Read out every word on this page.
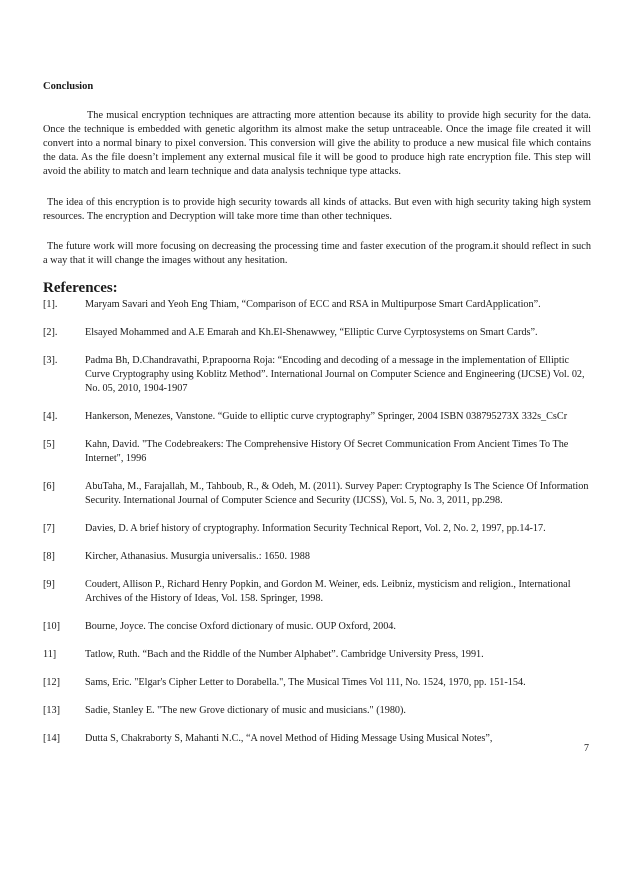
Conclusion

The musical encryption techniques are attracting more attention because its ability to provide high security for the data. Once the technique is embedded with genetic algorithm its almost make the setup untraceable. Once the image file created it will convert into a normal binary to pixel conversion. This conversion will give the ability to produce a new musical file which contains the data. As the file doesn’t implement any external musical file it will be good to produce high rate encryption file. This step will avoid the ability to match and learn technique and data analysis technique type attacks.

The idea of this encryption is to provide high security towards all kinds of attacks. But even with high security taking high system resources. The encryption and Decryption will take more time than other techniques.

The future work will more focusing on decreasing the processing time and faster execution of the program.it should reflect in such a way that it will change the images without any hesitation.

References:
[1].	Maryam Savari and Yeoh Eng Thiam, “Comparison of ECC and RSA in Multipurpose Smart CardApplication”.
[2].	Elsayed Mohammed and A.E Emarah and Kh.El-Shenawwey, “Elliptic Curve Cyrptosystems on Smart Cards”.
[3].	Padma Bh, D.Chandravathi, P.prapoorna Roja: “Encoding and decoding of a message in the implementation of Elliptic Curve Cryptography using Koblitz Method”. International Journal on Computer Science and Engineering (IJCSE) Vol. 02, No. 05, 2010, 1904-1907
[4].	Hankerson, Menezes, Vanstone. “Guide to elliptic curve cryptography” Springer, 2004 ISBN 038795273X 332s_CsCr
[5]	Kahn, David. "The Codebreakers: The Comprehensive History Of Secret Communication From Ancient Times To The Internet", 1996
[6]	AbuTaha, M., Farajallah, M., Tahboub, R., & Odeh, M. (2011). Survey Paper: Cryptography Is The Science Of Information Security. International Journal of Computer Science and Security (IJCSS), Vol. 5, No. 3, 2011, pp.298.
[7]	Davies, D. A brief history of cryptography. Information Security Technical Report, Vol. 2, No. 2, 1997, pp.14-17.
[8]	Kircher, Athanasius. Musurgia universalis.: 1650. 1988
[9]	Coudert, Allison P., Richard Henry Popkin, and Gordon M. Weiner, eds. Leibniz, mysticism and religion., International Archives of the History of Ideas, Vol. 158. Springer, 1998.
[10]	Bourne, Joyce. The concise Oxford dictionary of music. OUP Oxford, 2004.
11]	Tatlow, Ruth. “Bach and the Riddle of the Number Alphabet”. Cambridge University Press, 1991.
[12]	Sams, Eric. "Elgar's Cipher Letter to Dorabella.", The Musical Times Vol 111, No. 1524, 1970, pp. 151-154.
[13]	Sadie, Stanley E. "The new Grove dictionary of music and musicians." (1980).
[14]	Dutta S, Chakraborty S, Mahanti N.C., “A novel Method of Hiding Message Using Musical Notes”,
7
